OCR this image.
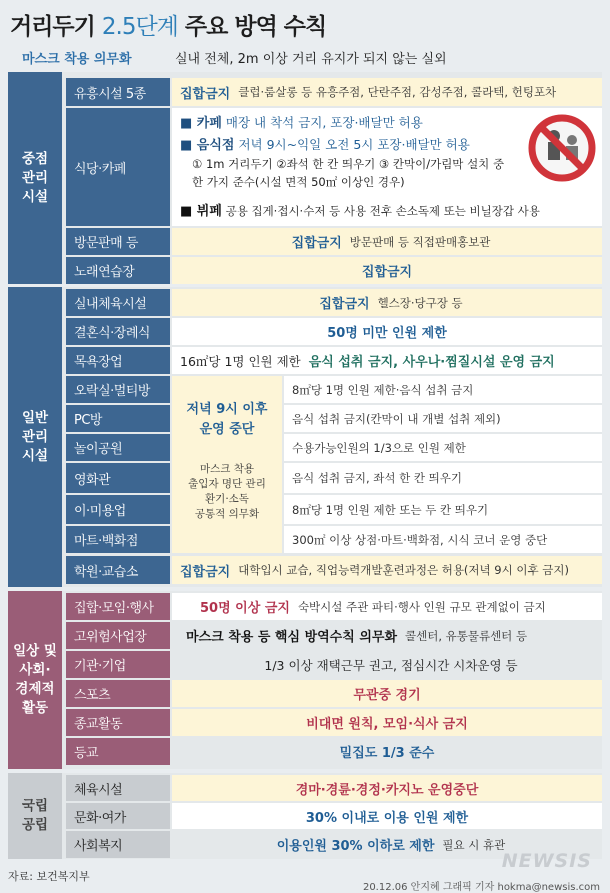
거리두기 2.5단계 주요 방역 수칙
마스크 착용 의무화	실내 전체, 2m 이상 거리 유지가 되지 않는 실외
중점
관리
시설
유흥시설 5종	집합금지 클럽·룸살롱 등 유흥주점, 단란주점, 감성주점, 콜라텍, 헌팅포차
식당·카페
■ 카페 매장 내 착석 금지, 포장·배달만 허용
■ 음식점 저녁 9시~익일 오전 5시 포장·배달만 허용
① 1m 거리두기 ②좌석 한 칸 띄우기 ③ 칸막이/가림막 설치 중
한 가지 준수(시설 면적 50㎡ 이상인 경우)
■ 뷔페 공용 집게·접시·수저 등 사용 전후 손소독제 또는 비닐장갑 사용
방문판매 등	집합금지 방문판매 등 직접판매홍보관
노래연습장	집합금지
일반
관리
시설
실내체육시설	집합금지 헬스장·당구장 등
결혼식·장례식	50명 미만 인원 제한
목욕장업	16㎡당 1명 인원 제한 음식 섭취 금지, 사우나·찜질시설 운영 금지
저녁 9시 이후
운영 중단
마스크 착용
출입자 명단 관리
환기·소독
공통적 의무화
오락실·멀티방	8㎡당 1명 인원 제한·음식 섭취 금지
PC방	음식 섭취 금지(칸막이 내 개별 섭취 제외)
놀이공원	수용가능인원의 1/3으로 인원 제한
영화관	음식 섭취 금지, 좌석 한 칸 띄우기
이·미용업	8㎡당 1명 인원 제한 또는 두 칸 띄우기
마트·백화점	300㎡ 이상 상점·마트·백화점, 시식 코너 운영 중단
학원·교습소	집합금지 대학입시 교습, 직업능력개발훈련과정은 허용(저녁 9시 이후 금지)
일상 및
사회·
경제적
활동
집합·모임·행사	50명 이상 금지 숙박시설 주관 파티·행사 인원 규모 관계없이 금지
고위험사업장	마스크 착용 등 핵심 방역수칙 의무화 콜센터, 유통물류센터 등
기관·기업	1/3 이상 재택근무 권고, 점심시간 시차운영 등
스포츠	무관중 경기
종교활동	비대면 원칙, 모임·식사 금지
등교	밀집도 1/3 준수
국립
공립
체육시설	경마·경륜·경정·카지노 운영중단
문화·여가	30% 이내로 이용 인원 제한
사회복지	이용인원 30% 이하로 제한 필요 시 휴관
NEWSIS
자료: 보건복지부
20.12.06 안지혜 그래픽 기자 hokma@newsis.com
